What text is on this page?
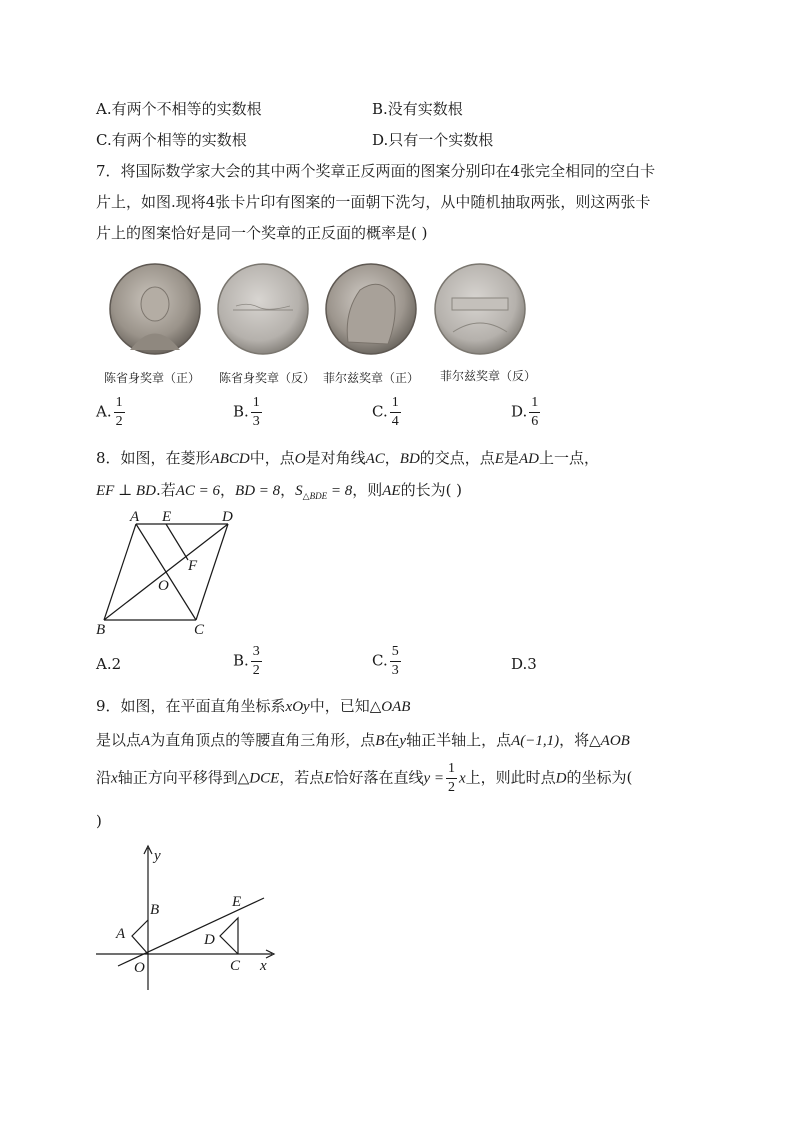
A.有两个不相等的实数根	B.没有实数根
C.有两个相等的实数根	D.只有一个实数根
7．将国际数学家大会的其中两个奖章正反两面的图案分别印在4张完全相同的空白卡
片上，如图.现将4张卡片印有图案的一面朝下洗匀，从中随机抽取两张，则这两张卡
片上的图案恰好是同一个奖章的正反面的概率是( )
陈省身奖章（正） 陈省身奖章（反） 菲尔兹奖章（正） 菲尔兹奖章（反）
A. $\frac{1}{2}$	B. $\frac{1}{3}$	C. $\frac{1}{4}$	D. $\frac{1}{6}$
8．如图，在菱形ABCD中，点O是对角线AC，BD的交点，点E是AD上一点，
EF ⊥ BD.若AC = 6，BD = 8，$S_{\triangle BDE} = 8$，则AE的长为( )
A E	D
F
O
B	C
A.2	B. $\frac{3}{2}$	C. $\frac{5}{3}$	D.3
9．如图，在平面直角坐标系xOy中，已知△OAB
是以点A为直角顶点的等腰直角三角形，点B在y轴正半轴上，点A(−1,1)，将△AOB
沿x轴正方向平移得到△DCE，若点E恰好落在直线$y = \frac{1}{2}$ x上，则此时点D的坐标为(
)
y
x
O
A
B	E
D
C
